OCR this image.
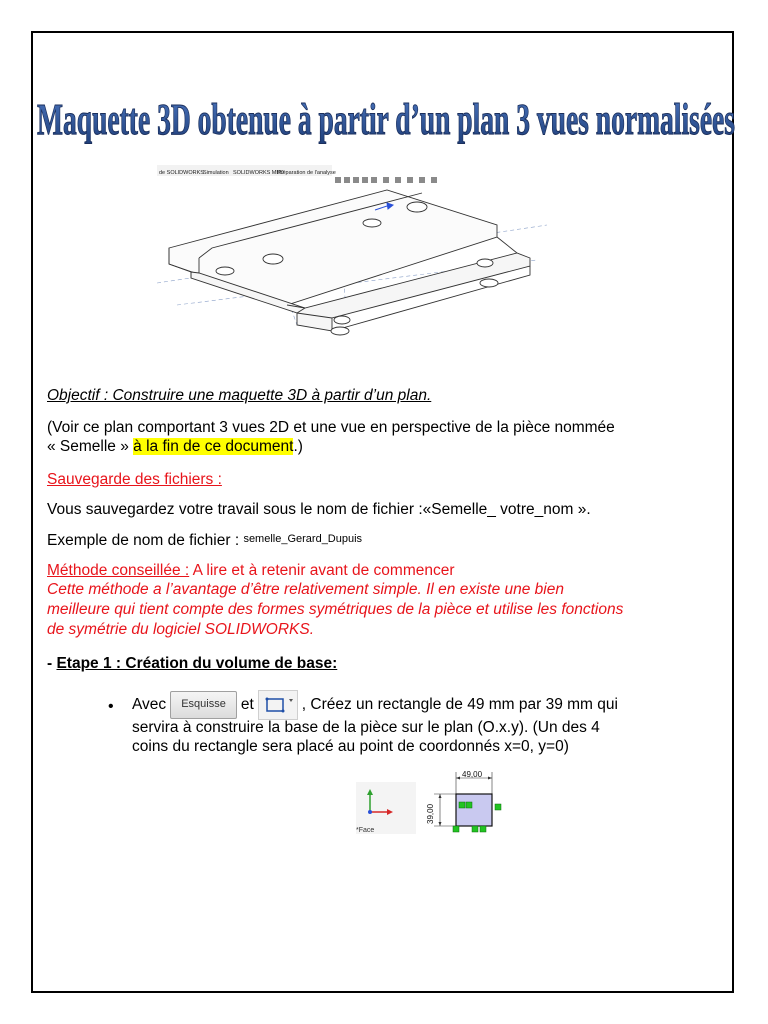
Maquette 3D obtenue à partir d’un plan 3 vues normalisées
de SOLIDWORKS Simulation SOLIDWORKS MBD
Préparation de l'analyse
Objectif : Construire une maquette 3D à partir d’un plan.
(Voir ce plan comportant 3 vues 2D et une vue en perspective de la pièce nommée
« Semelle » à la fin de ce document.)
Sauvegarde des fichiers :
Vous sauvegardez votre travail sous le nom de fichier :«Semelle_ votre_nom ».
Exemple de nom de fichier : semelle_Gerard_Dupuis
Méthode conseillée : A lire et à retenir avant de commencer
Cette méthode a l’avantage d’être relativement simple. Il en existe une bien
meilleure qui tient compte des formes symétriques de la pièce et utilise les fonctions
de symétrie du logiciel SOLIDWORKS.
- Etape 1 : Création du volume de base:
• Avec Esquisse et	, Créez un rectangle de 49 mm par 39 mm qui
servira à construire la base de la pièce sur le plan (O.x.y). (Un des 4
coins du rectangle sera placé au point de coordonnés x=0, y=0)
*Face
49,00
39,00
